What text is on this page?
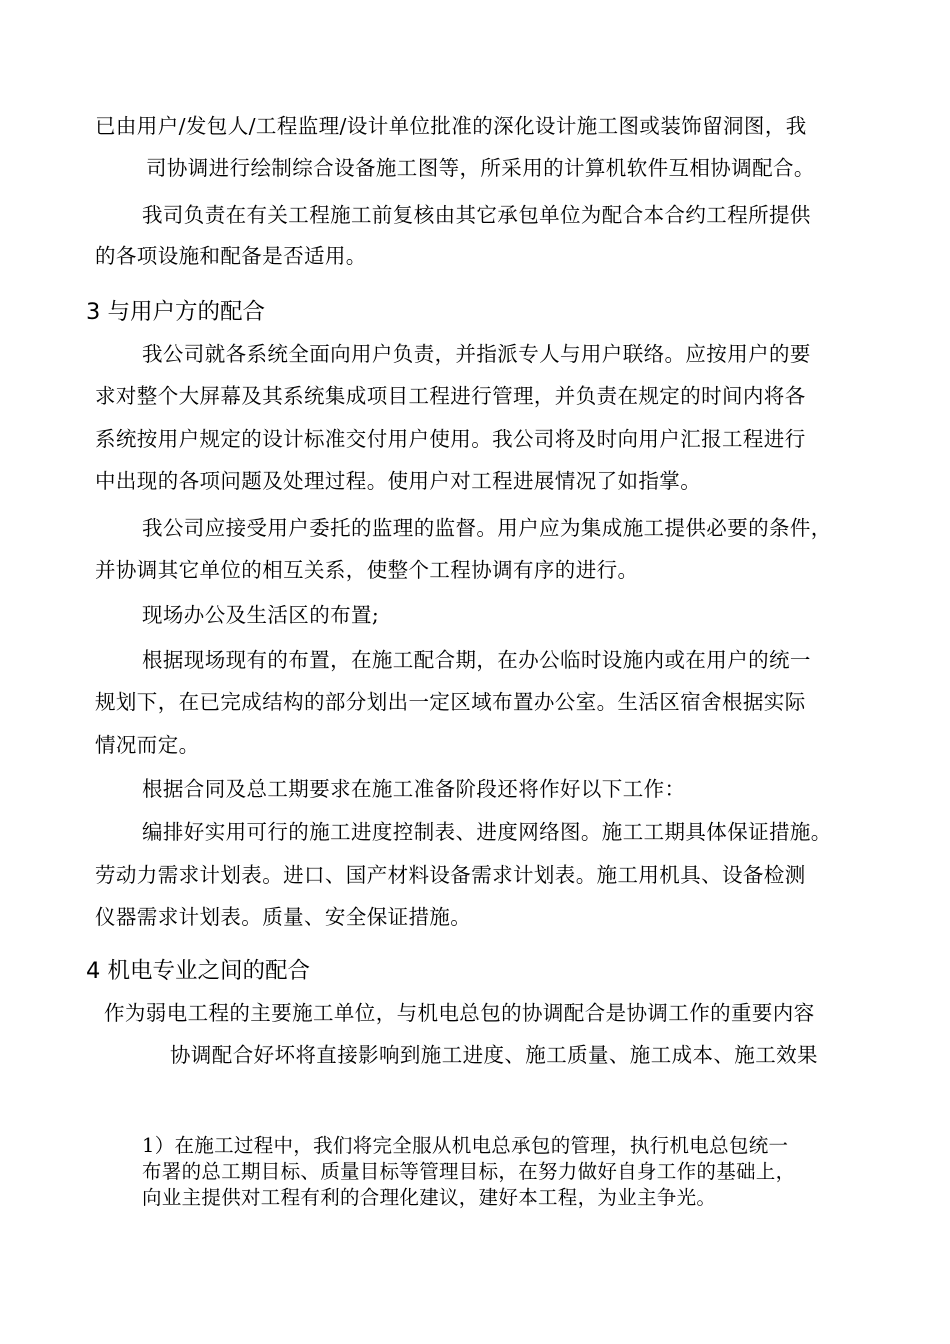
已由用户/发包人/工程监理/设计单位批准的深化设计施工图或装饰留洞图，我
司协调进行绘制综合设备施工图等，所采用的计算机软件互相协调配合。
我司负责在有关工程施工前复核由其它承包单位为配合本合约工程所提供
的各项设施和配备是否适用。
3 与用户方的配合
我公司就各系统全面向用户负责，并指派专人与用户联络。应按用户的要
求对整个大屏幕及其系统集成项目工程进行管理，并负责在规定的时间内将各
系统按用户规定的设计标准交付用户使用。我公司将及时向用户汇报工程进行
中出现的各项问题及处理过程。使用户对工程进展情况了如指掌。
我公司应接受用户委托的监理的监督。用户应为集成施工提供必要的条件，
并协调其它单位的相互关系，使整个工程协调有序的进行。
现场办公及生活区的布置;
根据现场现有的布置，在施工配合期，在办公临时设施内或在用户的统一
规划下，在已完成结构的部分划出一定区域布置办公室。生活区宿舍根据实际
情况而定。
根据合同及总工期要求在施工准备阶段还将作好以下工作：
编排好实用可行的施工进度控制表、进度网络图。施工工期具体保证措施。
劳动力需求计划表。进口、国产材料设备需求计划表。施工用机具、设备检测
仪器需求计划表。质量、安全保证措施。
4 机电专业之间的配合
作为弱电工程的主要施工单位，与机电总包的协调配合是协调工作的重要内容
协调配合好坏将直接影响到施工进度、施工质量、施工成本、施工效果
1）在施工过程中，我们将完全服从机电总承包的管理，执行机电总包统一
布署的总工期目标、质量目标等管理目标，在努力做好自身工作的基础上，
向业主提供对工程有利的合理化建议，建好本工程，为业主争光。
